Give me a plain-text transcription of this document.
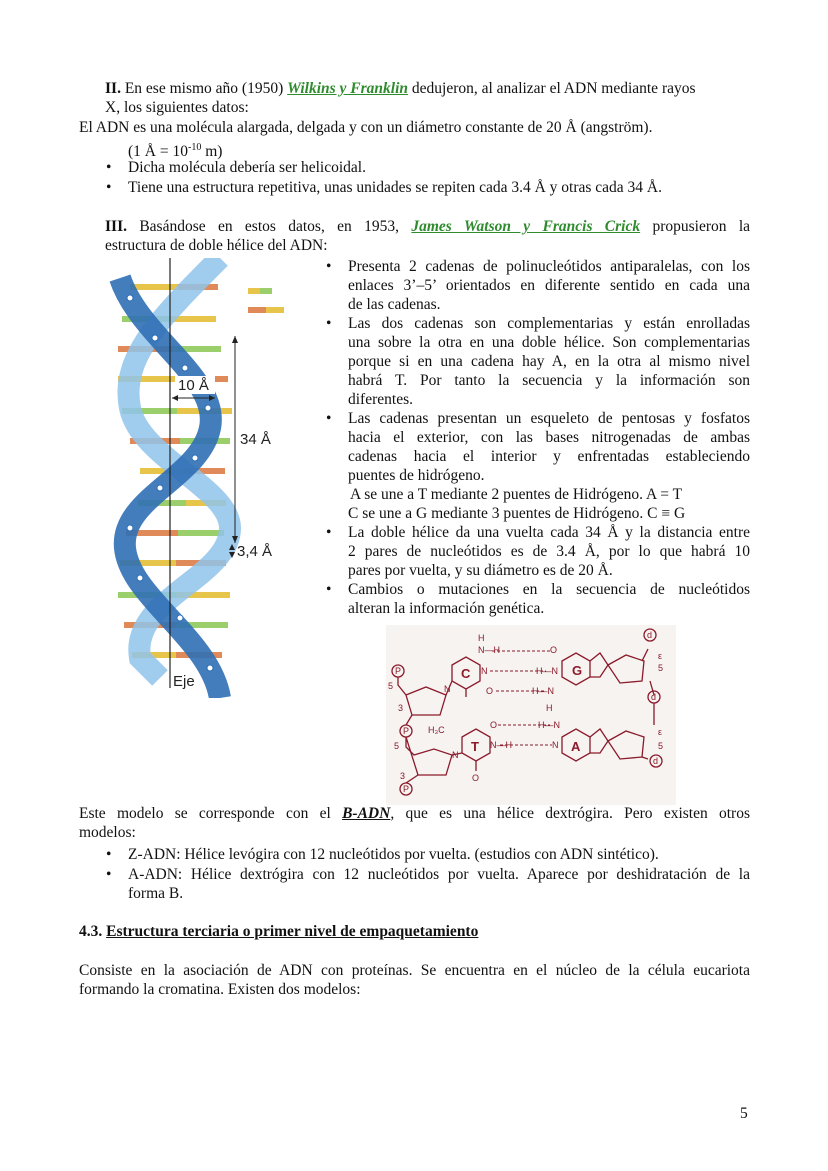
II. En ese mismo año (1950) Wilkins y Franklin dedujeron, al analizar el ADN mediante rayos
X, los siguientes datos:
El ADN es una molécula alargada, delgada y con un diámetro constante de 20 Å (angström).
(1 Å = $10^{-10}$ m)
• Dicha molécula debería ser helicoidal.
• Tiene una estructura repetitiva, unas unidades se repiten cada 3.4 Å y otras cada 34 Å.
III. Basándose en estos datos, en 1953, James Watson y Francis Crick propusieron la
estructura de doble hélice del ADN:
10 Å
34 Å
3,4 Å
Eje
• Presenta 2 cadenas de polinucleótidos antiparalelas, con los
enlaces 3’–5’ orientados en diferente sentido en cada una
de las cadenas.
• Las dos cadenas son complementarias y están enrolladas
una sobre la otra en una doble hélice. Son complementarias
porque si en una cadena hay A, en la otra al mismo nivel
habrá T. Por tanto la secuencia y la información son
diferentes.
• Las cadenas presentan un esqueleto de pentosas y fosfatos
hacia el exterior, con las bases nitrogenadas de ambas
cadenas hacia el interior y enfrentadas estableciendo
puentes de hidrógeno.
A se une a T mediante 2 puentes de Hidrógeno. A = T
C se une a G mediante 3 puentes de Hidrógeno. C ≡ G
• La doble hélice da una vuelta cada 34 Å y la distancia entre
2 pares de nucleótidos es de 3.4 Å, por lo que habrá 10
pares por vuelta, y su diámetro es de 20 Å.
• Cambios o mutaciones en la secuencia de nucleótidos
alteran la información genética.
P
P
P
d
d
d
5
3
5
3
ε
5
ε
5
H
N—H	O
N	H—N
O	H—N
N
H
H₃C	O	H—N
N—H	N
O
N
C	G
T	A
Este modelo se corresponde con el B-ADN, que es una hélice dextrógira. Pero existen otros
modelos:
• Z-ADN: Hélice levógira con 12 nucleótidos por vuelta. (estudios con ADN sintético).
•	A-ADN: Hélice dextrógira con 12 nucleótidos por vuelta. Aparece por deshidratación de la
forma B.
4.3. Estructura terciaria o primer nivel de empaquetamiento
Consiste en la asociación de ADN con proteínas. Se encuentra en el núcleo de la célula eucariota
formando la cromatina. Existen dos modelos:
5
